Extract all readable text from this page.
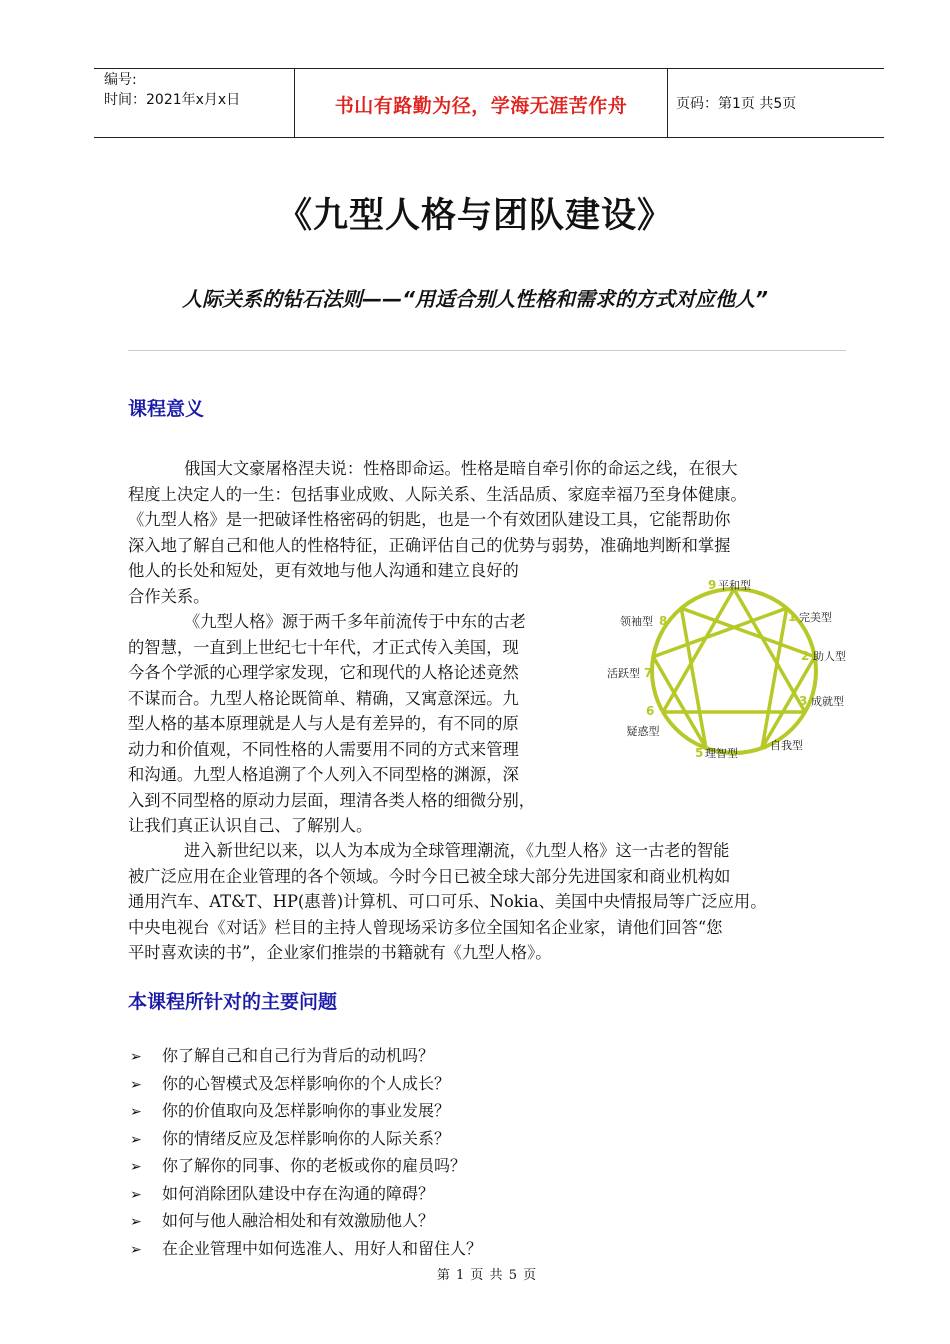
编号:
时间：2021年x月x日	书山有路勤为径，学海无涯苦作舟	页码：第1页 共5页
《九型人格与团队建设》
人际关系的钻石法则——“用适合别人性格和需求的方式对应他人”
课程意义
俄国大文豪屠格涅夫说：性格即命运。性格是暗自牵引你的命运之线，在很大
程度上决定人的一生：包括事业成败、人际关系、生活品质、家庭幸福乃至身体健康。
《九型人格》是一把破译性格密码的钥匙，也是一个有效团队建设工具，它能帮助你
深入地了解自己和他人的性格特征，正确评估自己的优势与弱势，准确地判断和掌握
他人的长处和短处，更有效地与他人沟通和建立良好的
合作关系。
《九型人格》源于两千多年前流传于中东的古老
的智慧，一直到上世纪七十年代，才正式传入美国，现
今各个学派的心理学家发现，它和现代的人格论述竟然
不谋而合。九型人格论既简单、精确，又寓意深远。九
型人格的基本原理就是人与人是有差异的，有不同的原
动力和价值观，不同性格的人需要用不同的方式来管理
和沟通。九型人格追溯了个人列入不同型格的渊源，深
入到不同型格的原动力层面，理清各类人格的细微分别，
让我们真正认识自己、了解别人。
进入新世纪以来，以人为本成为全球管理潮流，《九型人格》这一古老的智能
被广泛应用在企业管理的各个领域。今时今日已被全球大部分先进国家和商业机构如
通用汽车、AT&T、HP(惠普)计算机、可口可乐、Nokia、美国中央情报局等广泛应用。
中央电视台《对话》栏目的主持人曾现场采访多位全国知名企业家，请他们回答“您
平时喜欢读的书”，企业家们推崇的书籍就有《九型人格》。
9 平和型
1 完美型
2 助人型
3 成就型
4 自我型
5 理智型
6
疑惑型
7
活跃型
8
领袖型
本课程所针对的主要问题
➢ 你了解自己和自己行为背后的动机吗？
➢ 你的心智模式及怎样影响你的个人成长？
➢ 你的价值取向及怎样影响你的事业发展？
➢ 你的情绪反应及怎样影响你的人际关系？
➢ 你了解你的同事、你的老板或你的雇员吗？
➢ 如何消除团队建设中存在沟通的障碍？
➢ 如何与他人融洽相处和有效激励他人？
➢ 在企业管理中如何选准人、用好人和留住人？
第 1 页 共 5 页
